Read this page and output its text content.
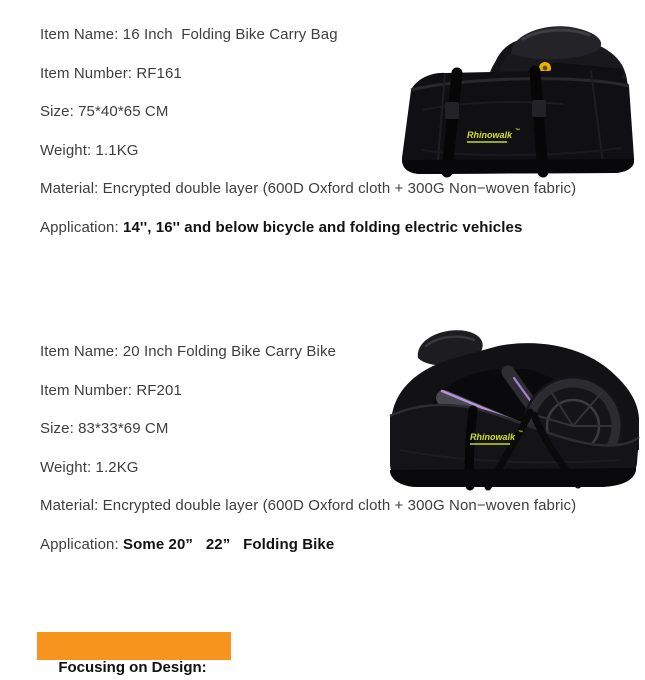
Item Name: 16 Inch  Folding Bike Carry Bag
Item Number: RF161
Size: 75*40*65 CM
Weight: 1.1KG
Material: Encrypted double layer (600D Oxford cloth + 300G Non−woven fabric)
Application: 14'', 16'' and below bicycle and folding electric vehicles
Rhinowalk ™
Item Name: 20 Inch Folding Bike Carry Bike
Item Number: RF201
Size: 83*33*69 CM
Weight: 1.2KG
Material: Encrypted double layer (600D Oxford cloth + 300G Non−woven fabric)
Application: Some 20”   22”   Folding Bike
Rhinowalk ™

Focusing on Design:
